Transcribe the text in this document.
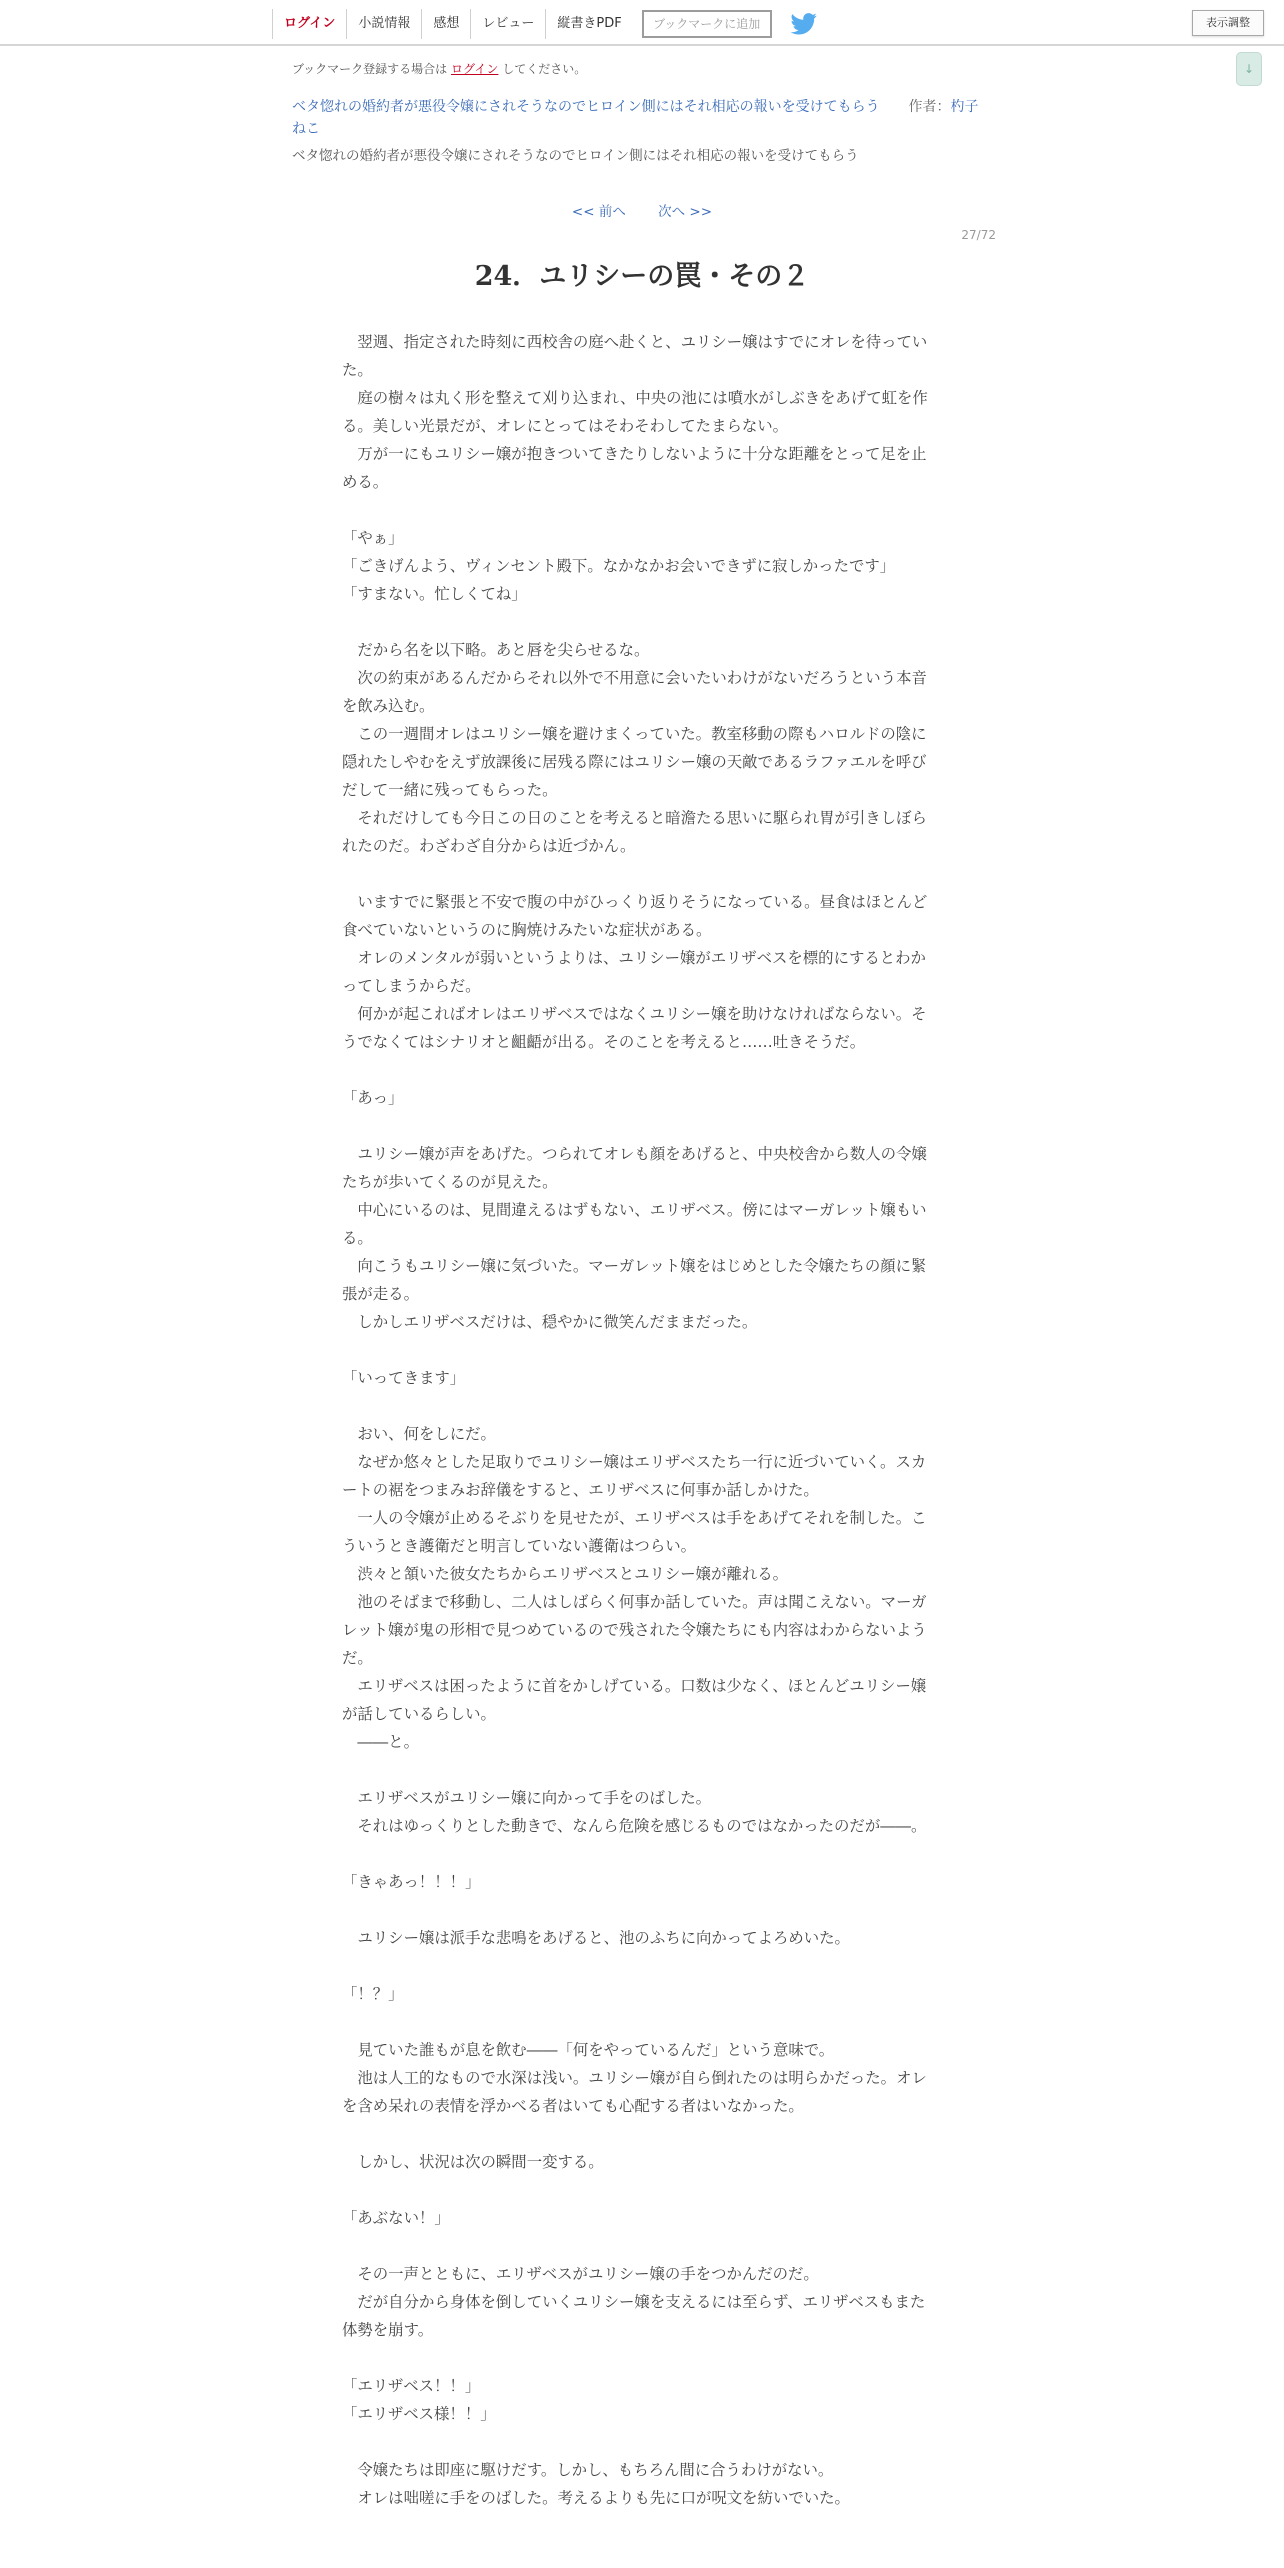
ログイン	小説情報	感想	レビュー	縦書きPDF	ブックマークに追加	表示調整
↓
ブックマーク登録する場合は ログイン してください。
ベタ惚れの婚約者が悪役令嬢にされそうなのでヒロイン側にはそれ相応の報いを受けてもらう 作者：杓子ねこ
ベタ惚れの婚約者が悪役令嬢にされそうなのでヒロイン側にはそれ相応の報いを受けてもらう
<< 前へ 次へ >>
27/72
24．ユリシーの罠・その２

　翌週、指定された時刻に西校舎の庭へ赴くと、ユリシー嬢はすでにオレを待っていた。

　庭の樹々は丸く形を整えて刈り込まれ、中央の池には噴水がしぶきをあげて虹を作る。美しい光景だが、オレにとってはそわそわしてたまらない。

　万が一にもユリシー嬢が抱きついてきたりしないように十分な距離をとって足を止める。

「やぁ」

「ごきげんよう、ヴィンセント殿下。なかなかお会いできずに寂しかったです」

「すまない。忙しくてね」

　だから名を以下略。あと唇を尖らせるな。

　次の約束があるんだからそれ以外で不用意に会いたいわけがないだろうという本音を飲み込む。

　この一週間オレはユリシー嬢を避けまくっていた。教室移動の際もハロルドの陰に隠れたしやむをえず放課後に居残る際にはユリシー嬢の天敵であるラファエルを呼びだして一緒に残ってもらった。

　それだけしても今日この日のことを考えると暗澹たる思いに駆られ胃が引きしぼられたのだ。わざわざ自分からは近づかん。

　いますでに緊張と不安で腹の中がひっくり返りそうになっている。昼食はほとんど食べていないというのに胸焼けみたいな症状がある。

　オレのメンタルが弱いというよりは、ユリシー嬢がエリザベスを標的にするとわかってしまうからだ。

　何かが起こればオレはエリザベスではなくユリシー嬢を助けなければならない。そうでなくてはシナリオと齟齬が出る。そのことを考えると……吐きそうだ。

「あっ」

　ユリシー嬢が声をあげた。つられてオレも顔をあげると、中央校舎から数人の令嬢たちが歩いてくるのが見えた。

　中心にいるのは、見間違えるはずもない、エリザベス。傍にはマーガレット嬢もいる。

　向こうもユリシー嬢に気づいた。マーガレット嬢をはじめとした令嬢たちの顔に緊張が走る。

　しかしエリザベスだけは、穏やかに微笑んだままだった。

「いってきます」

　おい、何をしにだ。

　なぜか悠々とした足取りでユリシー嬢はエリザベスたち一行に近づいていく。スカートの裾をつまみお辞儀をすると、エリザベスに何事か話しかけた。

　一人の令嬢が止めるそぶりを見せたが、エリザベスは手をあげてそれを制した。こういうとき護衛だと明言していない護衛はつらい。

　渋々と頷いた彼女たちからエリザベスとユリシー嬢が離れる。

　池のそばまで移動し、二人はしばらく何事か話していた。声は聞こえない。マーガレット嬢が鬼の形相で見つめているので残された令嬢たちにも内容はわからないようだ。

　エリザベスは困ったように首をかしげている。口数は少なく、ほとんどユリシー嬢が話しているらしい。

　――と。

　エリザベスがユリシー嬢に向かって手をのばした。

　それはゆっくりとした動きで、なんら危険を感じるものではなかったのだが――。

「きゃあっ！！！」

　ユリシー嬢は派手な悲鳴をあげると、池のふちに向かってよろめいた。

「！？」

　見ていた誰もが息を飲む――「何をやっているんだ」という意味で。

　池は人工的なもので水深は浅い。ユリシー嬢が自ら倒れたのは明らかだった。オレを含め呆れの表情を浮かべる者はいても心配する者はいなかった。

　しかし、状況は次の瞬間一変する。

「あぶない！」

　その一声とともに、エリザベスがユリシー嬢の手をつかんだのだ。

　だが自分から身体を倒していくユリシー嬢を支えるには至らず、エリザベスもまた体勢を崩す。

「エリザベス！！」

「エリザベス様！！」

　令嬢たちは即座に駆けだす。しかし、もちろん間に合うわけがない。

　オレは咄嗟に手をのばした。考えるよりも先に口が呪文を紡いでいた。
